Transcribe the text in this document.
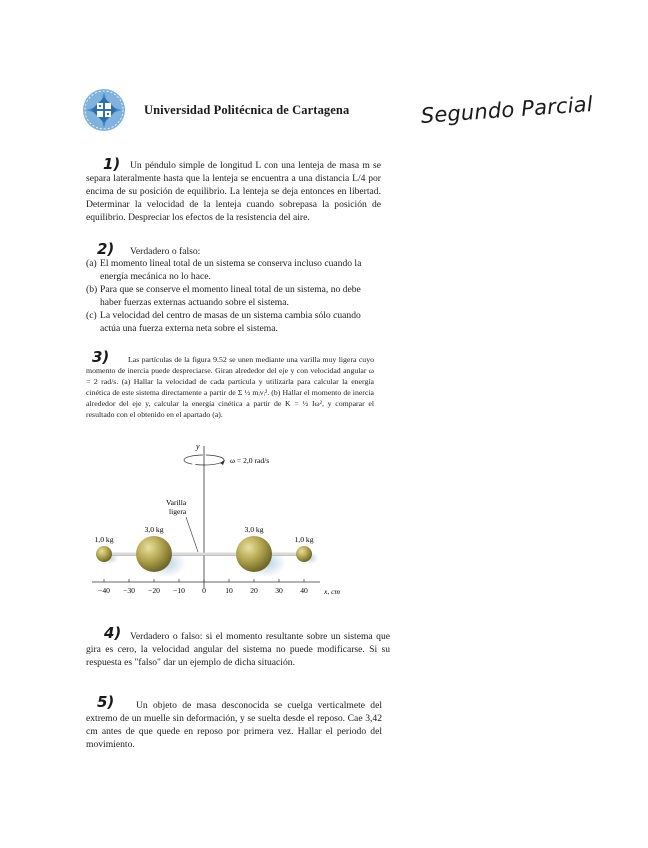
Universidad Politécnica de Cartagena	Segundo Parcial
1)	Un péndulo simple de longitud L con una lenteja de masa m se separa lateralmente hasta que la lenteja se encuentra a una distancia L/4 por encima de su posición de equilibrio. La lenteja se deja entonces en libertad. Determinar la velocidad de la lenteja cuando sobrepasa la posición de equilibrio. Despreciar los efectos de la resistencia del aire.
2) Verdadero o falso:
(a) El momento lineal total de un sistema se conserva incluso cuando la energía mecánica no lo hace.
(b) Para que se conserve el momento lineal total de un sistema, no debe haber fuerzas externas actuando sobre el sistema.
(c) La velocidad del centro de masas de un sistema cambia sólo cuando actúa una fuerza externa neta sobre el sistema.
3)	Las partículas de la figura 9.52 se unen mediante una varilla muy ligera cuyo momento de inercia puede despreciarse. Giran alrededor del eje y con velocidad angular ω = 2 rad/s. (a) Hallar la velocidad de cada partícula y utilizarla para calcular la energía cinética de este sistema directamente a partir de Σ ½ mᵢvᵢ². (b) Hallar el momento de inercia alrededor del eje y, calcular la energía cinética a partir de K = ½ Iω², y comparar el resultado con el obtenido en el apartado (a).
y
ω = 2,0 rad/s
Varilla
ligera
1,0 kg
3,0 kg	3,0 kg
1,0 kg
−40 −30 −20 −10 0	10 20 30 40 x, cm
4) Verdadero o falso: si el momento resultante sobre un sistema que gira es cero, la velocidad angular del sistema no puede modificarse. Si su respuesta es "falso" dar un ejemplo de dicha situación.
5)	Un objeto de masa desconocida se cuelga verticalmete del extremo de un muelle sin deformación, y se suelta desde el reposo. Cae 3,42 cm antes de que quede en reposo por primera vez. Hallar el periodo del movimiento.
